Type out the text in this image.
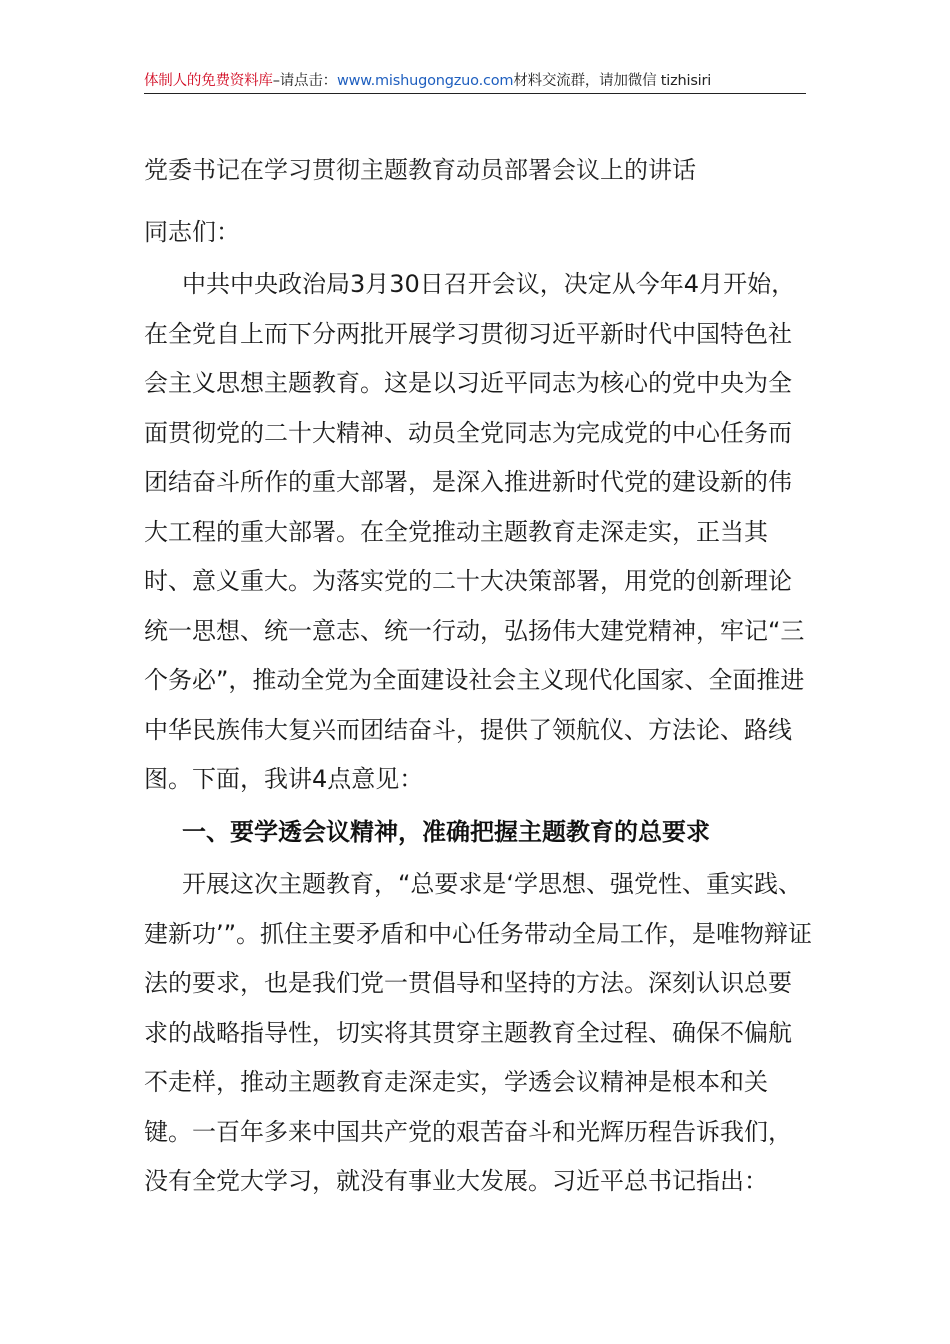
体制人的免费资料库–请点击：www.mishugongzuo.com材料交流群，请加微信 tizhisiri
党委书记在学习贯彻主题教育动员部署会议上的讲话
同志们：
中共中央政治局3月30日召开会议，决定从今年4月开始，在全党自上而下分两批开展学习贯彻习近平新时代中国特色社会主义思想主题教育。这是以习近平同志为核心的党中央为全面贯彻党的二十大精神、动员全党同志为完成党的中心任务而团结奋斗所作的重大部署，是深入推进新时代党的建设新的伟大工程的重大部署。在全党推动主题教育走深走实，正当其时、意义重大。为落实党的二十大决策部署，用党的创新理论统一思想、统一意志、统一行动，弘扬伟大建党精神，牢记“三个务必”，推动全党为全面建设社会主义现代化国家、全面推进中华民族伟大复兴而团结奋斗，提供了领航仪、方法论、路线图。下面，我讲4点意见：
一、要学透会议精神，准确把握主题教育的总要求
开展这次主题教育，“总要求是‘学思想、强党性、重实践、建新功’”。抓住主要矛盾和中心任务带动全局工作，是唯物辩证法的要求，也是我们党一贯倡导和坚持的方法。深刻认识总要求的战略指导性，切实将其贯穿主题教育全过程、确保不偏航不走样，推动主题教育走深走实，学透会议精神是根本和关键。一百年多来中国共产党的艰苦奋斗和光辉历程告诉我们，没有全党大学习，就没有事业大发展。习近平总书记指出：
